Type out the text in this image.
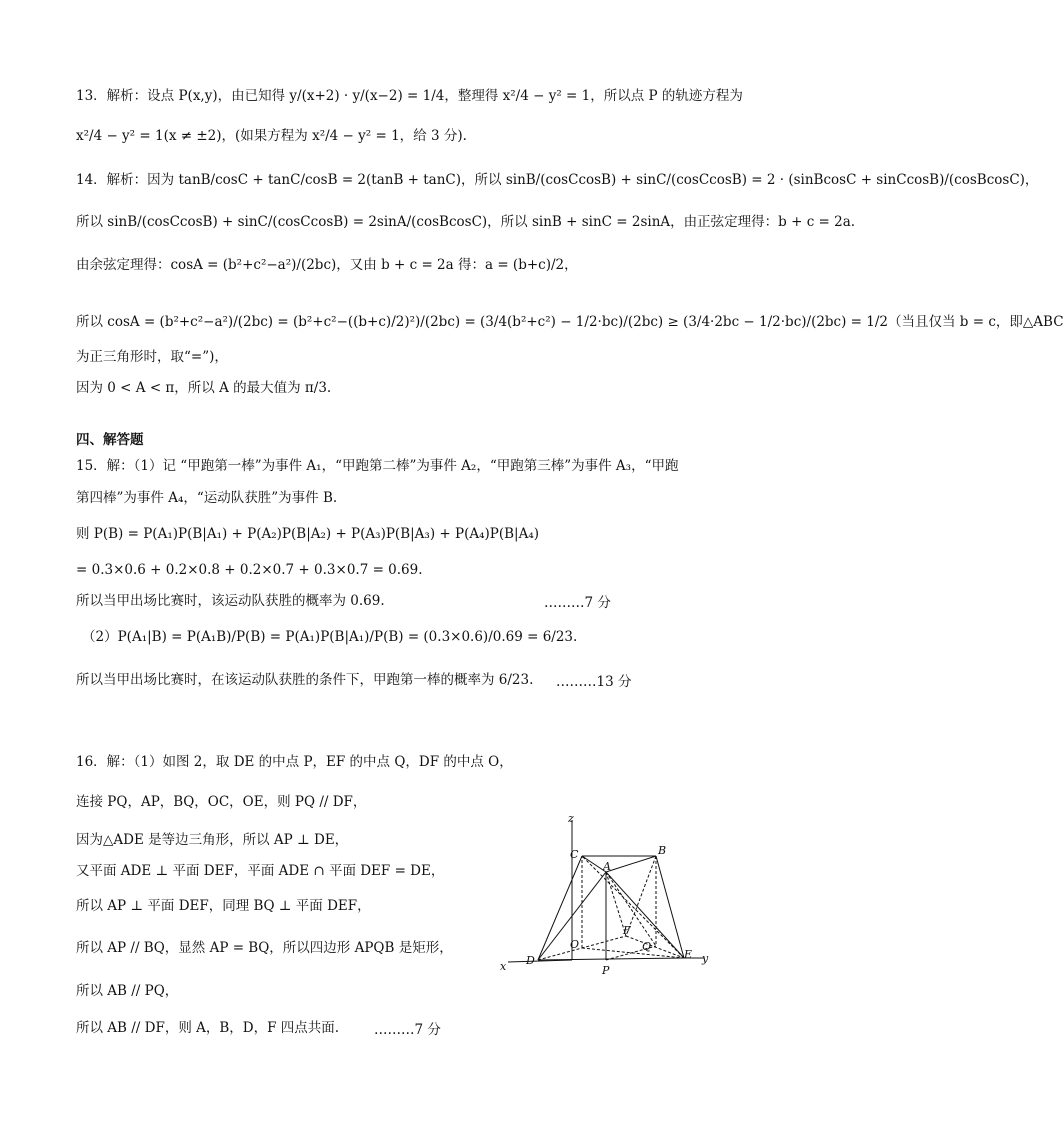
13．解析：设点 P(x,y)，由已知得 y/(x+2) · y/(x−2) = 1/4，整理得 x²/4 − y² = 1，所以点 P 的轨迹方程为
x²/4 − y² = 1(x ≠ ±2)，(如果方程为 x²/4 − y² = 1，给 3 分).
14．解析：因为 tanB/cosC + tanC/cosB = 2(tanB + tanC)，所以 sinB/(cosCcosB) + sinC/(cosCcosB) = 2 · (sinBcosC + sinCcosB)/(cosBcosC)，
所以 sinB/(cosCcosB) + sinC/(cosCcosB) = 2sinA/(cosBcosC)，所以 sinB + sinC = 2sinA，由正弦定理得：b + c = 2a.
由余弦定理得：cosA = (b²+c²−a²)/(2bc)，又由 b + c = 2a 得：a = (b+c)/2，
所以 cosA = (b²+c²−a²)/(2bc) = (b²+c²−((b+c)/2)²)/(2bc) = (3/4(b²+c²) − 1/2·bc)/(2bc) ≥ (3/4·2bc − 1/2·bc)/(2bc) = 1/2（当且仅当 b = c，即△ABC
为正三角形时，取“=”)，
因为 0 < A < π，所以 A 的最大值为 π/3.
四、解答题
15．解：（1）记 “甲跑第一棒”为事件 A₁，“甲跑第二棒”为事件 A₂，“甲跑第三棒”为事件 A₃，“甲跑
第四棒”为事件 A₄，“运动队获胜”为事件 B.
则 P(B) = P(A₁)P(B|A₁) + P(A₂)P(B|A₂) + P(A₃)P(B|A₃) + P(A₄)P(B|A₄)
= 0.3×0.6 + 0.2×0.8 + 0.2×0.7 + 0.3×0.7 = 0.69.
所以当甲出场比赛时，该运动队获胜的概率为 0.69.	………7 分
（2）P(A₁|B) = P(A₁B)/P(B) = P(A₁)P(B|A₁)/P(B) = (0.3×0.6)/0.69 = 6/23.
所以当甲出场比赛时，在该运动队获胜的条件下，甲跑第一棒的概率为 6/23. ………13 分
16．解：（1）如图 2，取 DE 的中点 P，EF 的中点 Q，DF 的中点 O，
连接 PQ，AP，BQ，OC，OE，则 PQ // DF，
因为△ADE 是等边三角形，所以 AP ⊥ DE，
又平面 ADE ⊥ 平面 DEF，平面 ADE ∩ 平面 DEF = DE，
所以 AP ⊥ 平面 DEF，同理 BQ ⊥ 平面 DEF，
所以 AP // BQ，显然 AP = BQ，所以四边形 APQB 是矩形，
所以 AB // PQ，
所以 AB // DF，则 A，B，D，F 四点共面.	………7 分
z
x
y
C	B
A
D	E
F
O	Q
P
